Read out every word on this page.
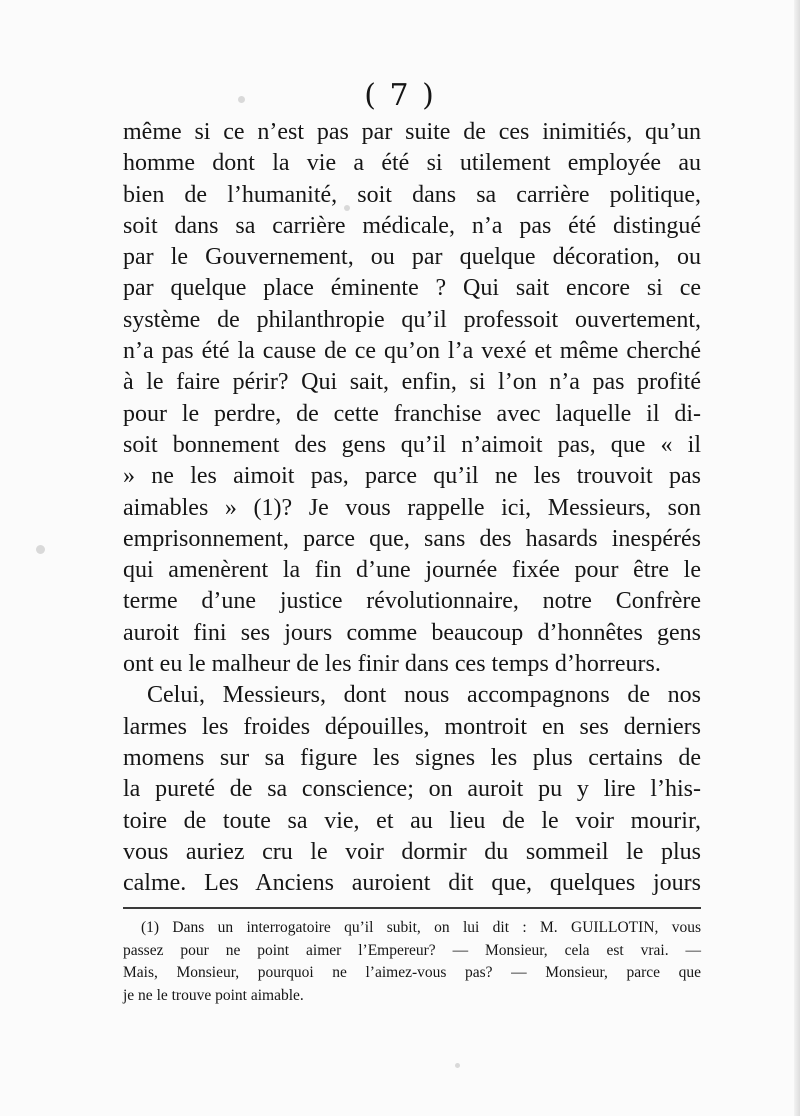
( 7 )
même si ce n’est pas par suite de ces inimitiés, qu’un
homme dont la vie a été si utilement employée au
bien de l’humanité, soit dans sa carrière politique,
soit dans sa carrière médicale, n’a pas été distingué
par le Gouvernement, ou par quelque décoration, ou
par quelque place éminente ? Qui sait encore si ce
système de philanthropie qu’il professoit ouvertement,
n’a pas été la cause de ce qu’on l’a vexé et même cherché
à le faire périr? Qui sait, enfin, si l’on n’a pas profité
pour le perdre, de cette franchise avec laquelle il di-
soit bonnement des gens qu’il n’aimoit pas, que « il
» ne les aimoit pas, parce qu’il ne les trouvoit pas
aimables » (1)? Je vous rappelle ici, Messieurs, son
emprisonnement, parce que, sans des hasards inespérés
qui amenèrent la fin d’une journée fixée pour être le
terme d’une justice révolutionnaire, notre Confrère
auroit fini ses jours comme beaucoup d’honnêtes gens
ont eu le malheur de les finir dans ces temps d’horreurs.
Celui, Messieurs, dont nous accompagnons de nos
larmes les froides dépouilles, montroit en ses derniers
momens sur sa figure les signes les plus certains de
la pureté de sa conscience; on auroit pu y lire l’his-
toire de toute sa vie, et au lieu de le voir mourir,
vous auriez cru le voir dormir du sommeil le plus
calme. Les Anciens auroient dit que, quelques jours
(1) Dans un interrogatoire qu’il subit, on lui dit : M. GUILLOTIN, vous
passez pour ne point aimer l’Empereur? — Monsieur, cela est vrai. —
Mais, Monsieur, pourquoi ne l’aimez-vous pas? — Monsieur, parce que
je ne le trouve point aimable.
